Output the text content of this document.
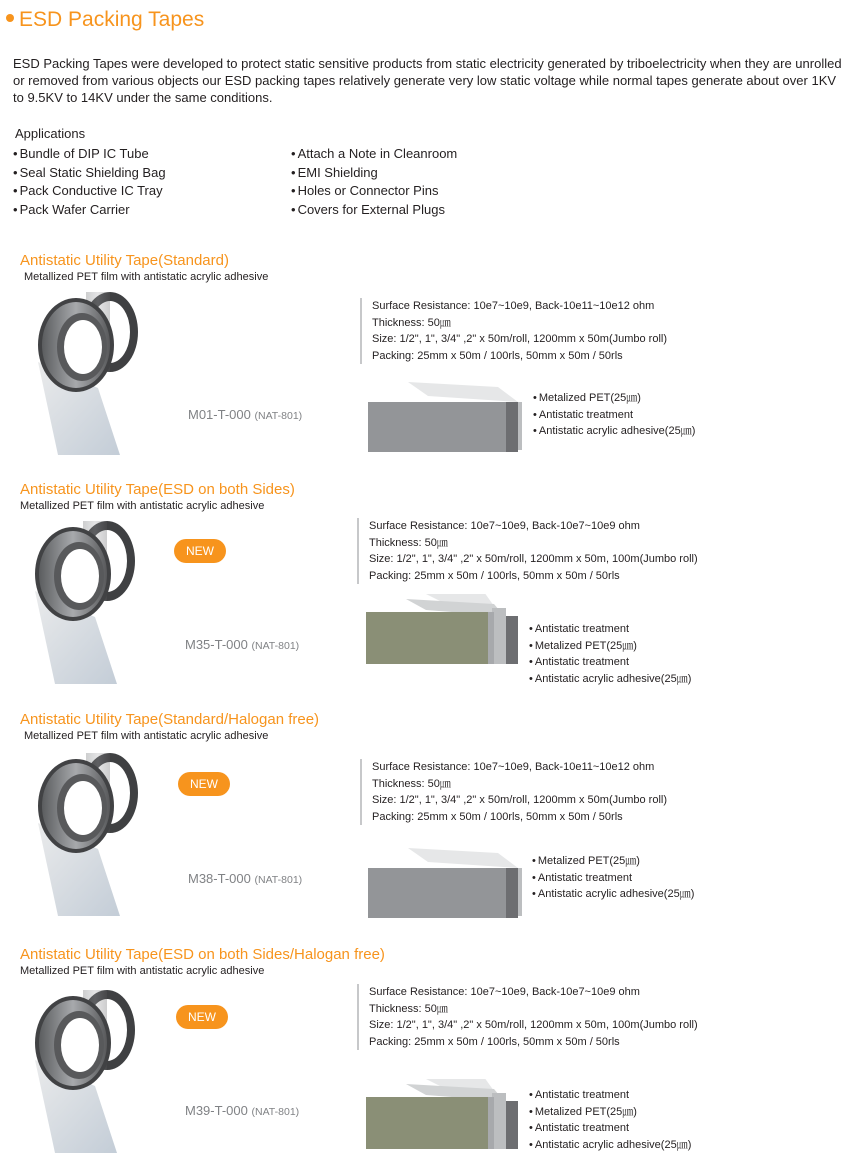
ESD Packing Tapes
ESD Packing Tapes were developed to protect static sensitive products from static electricity generated by triboelectricity when they are unrolled or removed from various objects our ESD packing tapes relatively generate very low static voltage while normal tapes generate about over 1KV to 9.5KV to 14KV under the same conditions.
Applications
• Bundle of DIP IC Tube
• Seal Static Shielding Bag
• Pack Conductive IC Tray
• Pack Wafer Carrier
• Attach a Note in Cleanroom
• EMI Shielding
• Holes or Connector Pins
• Covers for External Plugs
Antistatic Utility Tape(Standard)
Metallized PET film with antistatic acrylic adhesive
M01-T-000 (NAT-801)
Surface Resistance: 10e7~10e9, Back-10e11~10e12 ohm
Thickness: 50㎛
Size: 1/2", 1", 3/4" ,2" x 50m/roll, 1200mm x 50m(Jumbo roll)
Packing: 25mm x 50m / 100rls, 50mm x 50m / 50rls
• Metalized PET(25㎛)
• Antistatic treatment
• Antistatic acrylic adhesive(25㎛)
Antistatic Utility Tape(ESD on both Sides)
Metallized PET film with antistatic acrylic adhesive
NEW
M35-T-000 (NAT-801)
Surface Resistance: 10e7~10e9, Back-10e7~10e9 ohm
Thickness: 50㎛
Size: 1/2", 1", 3/4" ,2" x 50m/roll, 1200mm x 50m, 100m(Jumbo roll)
Packing: 25mm x 50m / 100rls, 50mm x 50m / 50rls
• Antistatic treatment
• Metalized PET(25㎛)
• Antistatic treatment
• Antistatic acrylic adhesive(25㎛)
Antistatic Utility Tape(Standard/Halogan free)
Metallized PET film with antistatic acrylic adhesive
NEW
M38-T-000 (NAT-801)
Surface Resistance: 10e7~10e9, Back-10e11~10e12 ohm
Thickness: 50㎛
Size: 1/2", 1", 3/4" ,2" x 50m/roll, 1200mm x 50m(Jumbo roll)
Packing: 25mm x 50m / 100rls, 50mm x 50m / 50rls
• Metalized PET(25㎛)
• Antistatic treatment
• Antistatic acrylic adhesive(25㎛)
Antistatic Utility Tape(ESD on both Sides/Halogan free)
Metallized PET film with antistatic acrylic adhesive
NEW
M39-T-000 (NAT-801)
Surface Resistance: 10e7~10e9, Back-10e7~10e9 ohm
Thickness: 50㎛
Size: 1/2", 1", 3/4" ,2" x 50m/roll, 1200mm x 50m, 100m(Jumbo roll)
Packing: 25mm x 50m / 100rls, 50mm x 50m / 50rls
• Antistatic treatment
• Metalized PET(25㎛)
• Antistatic treatment
• Antistatic acrylic adhesive(25㎛)
